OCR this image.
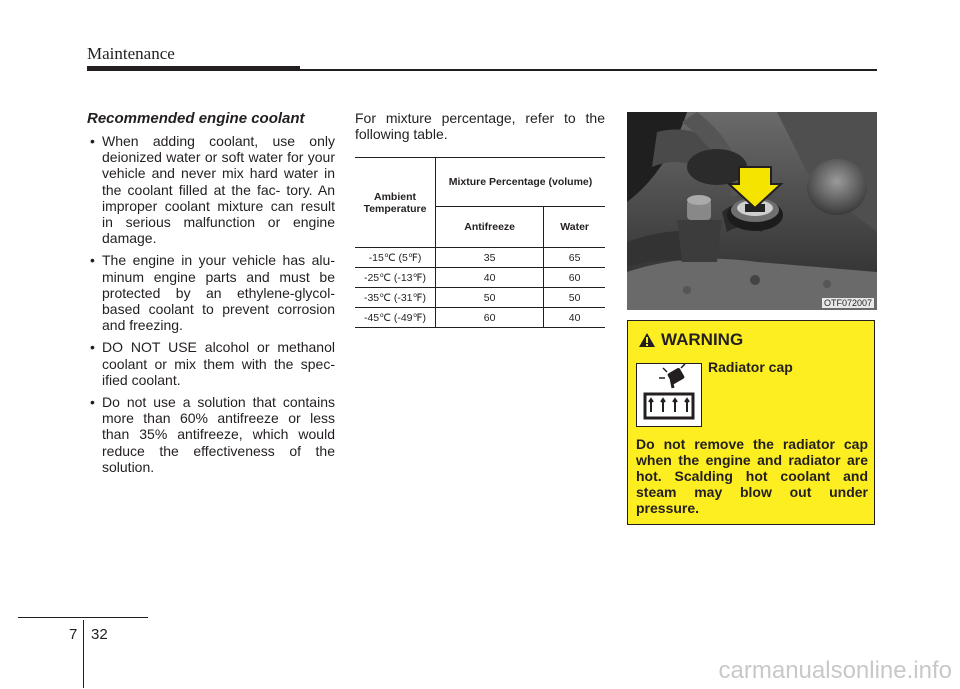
Maintenance
Recommended engine coolant
• When adding coolant, use only deionized water or soft water for your vehicle and never mix hard water in the coolant filled at the fac- tory. An improper coolant mixture can result in serious malfunction or engine damage.
• The engine in your vehicle has alu- minum engine parts and must be protected by an ethylene-glycol- based coolant to prevent corrosion and freezing.
• DO NOT USE alcohol or methanol coolant or mix them with the spec- ified coolant.
• Do not use a solution that contains more than 60% antifreeze or less than 35% antifreeze, which would reduce the effectiveness of the solution.

For mixture percentage, refer to the following table.

Ambient Temperature	Mixture Percentage (volume)	
	Antifreeze	Water
-15℃ (5℉)	35	65
-25℃ (-13℉)	40	60
-35℃ (-31℉)	50	50
-45℃ (-49℉)	60	40
OTF072007
WARNING
Radiator cap
Do not remove the radiator cap when the engine and radiator are hot. Scalding hot coolant and steam may blow out under pressure.
7 32
carmanualsonline.info
